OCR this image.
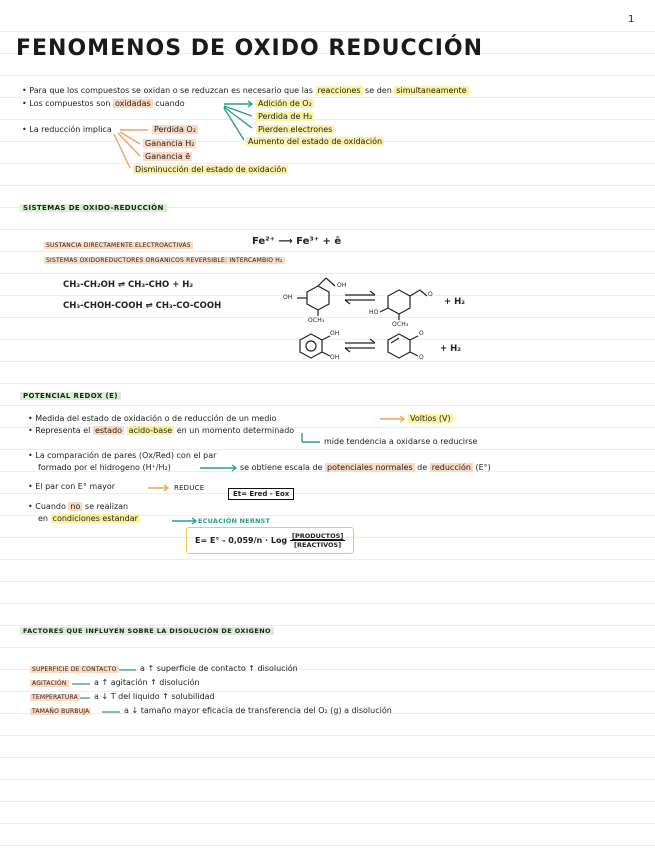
1
FENOMENOS DE OXIDO REDUCCIÓN
• Para que los compuestos se oxidan o se reduzcan es necesario que las reacciones se den simultaneamente
• Los compuestos son oxidadas cuando	Adición de O₂
Perdida de H₂
Pierden electrones
Aumento del estado de oxidación
• La reducción implica	Perdida O₂
Ganancia H₂
Ganancia ē
Disminucción del estado de oxidación
SISTEMAS DE OXIDO-REDUCCIÓN
SUSTANCIA DIRECTAMENTE ELECTROACTIVAS	Fe²⁺ ⟶ Fe³⁺ + ē
SISTEMAS OXIDOREDUCTORES ORGANICOS REVERSIBLE: INTERCAMBIO H₂
CH₃-CH₂OH ⇌ CH₃-CHO + H₂
CH₃-CHOH-COOH ⇌ CH₃-CO-COOH
OH
OH
OCH₃
HO
O
OCH₃
+ H₂
OH
OH
O
O
+ H₂
POTENCIAL REDOX (E)
• Medida del estado de oxidación o de reducción de un medio	Voltios (V)
• Representa el estado acido-base en un momento determinado
mide tendencia a oxidarse o reducirse
• La comparación de pares (Ox/Red) con el par
formado por el hidrogeno (H⁺/H₂)	se obtiene escala de potenciales normales de reducción (E°)
• El par con E° mayor	REDUCE
Et= Ered - Eox
• Cuando no se realizan
en condiciones estandar	ECUACIÓN NERNST
E= E° - 0,059/n · Log $\frac{\text{[PRODUCTOS]}}{\text{[REACTIVOS]}}$
FACTORES QUE INFLUYEN SOBRE LA DISOLUCIÓN DE OXIGENO
SUPERFICIE DE CONTACTO	a ↑ superficie de contacto ↑ disolución
AGITACIÓN	a ↑ agitación ↑ disolución
TEMPERATURA a ↓ T del liquido ↑ solubilidad
TAMAÑO BURBUJA	a ↓ tamaño mayor eficacia de transferencia del O₂ (g) a disolución
